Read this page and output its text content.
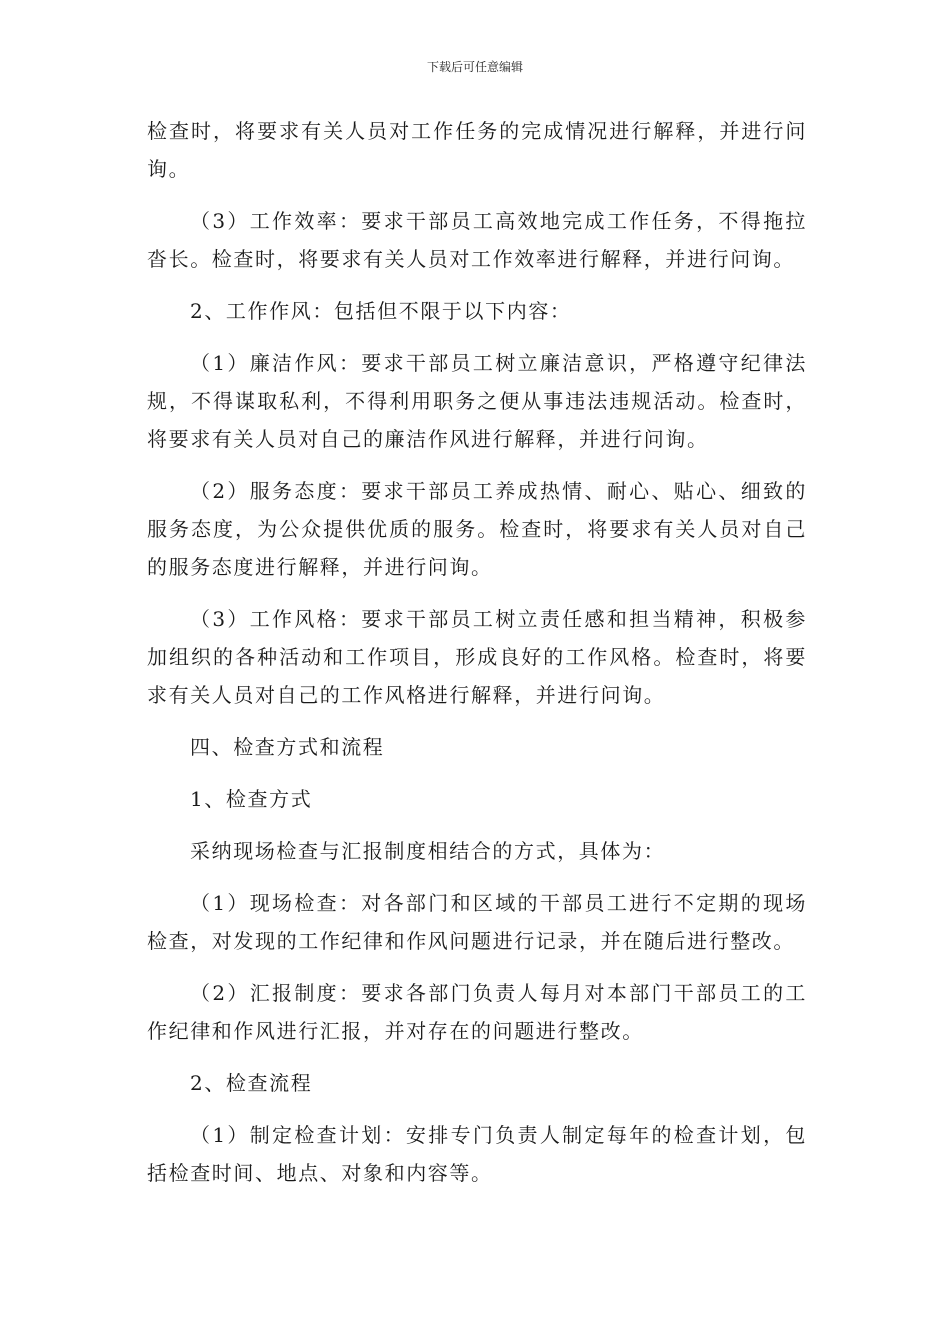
下载后可任意编辑

检查时，将要求有关人员对工作任务的完成情况进行解释，并进行问询。

（3）工作效率：要求干部员工高效地完成工作任务，不得拖拉沓长。检查时，将要求有关人员对工作效率进行解释，并进行问询。

2、工作作风：包括但不限于以下内容：

（1）廉洁作风：要求干部员工树立廉洁意识，严格遵守纪律法规，不得谋取私利，不得利用职务之便从事违法违规活动。检查时，将要求有关人员对自己的廉洁作风进行解释，并进行问询。

（2）服务态度：要求干部员工养成热情、耐心、贴心、细致的服务态度，为公众提供优质的服务。检查时，将要求有关人员对自己的服务态度进行解释，并进行问询。

（3）工作风格：要求干部员工树立责任感和担当精神，积极参加组织的各种活动和工作项目，形成良好的工作风格。检查时，将要求有关人员对自己的工作风格进行解释，并进行问询。

四、检查方式和流程

1、检查方式

采纳现场检查与汇报制度相结合的方式，具体为：

（1）现场检查：对各部门和区域的干部员工进行不定期的现场检查，对发现的工作纪律和作风问题进行记录，并在随后进行整改。

（2）汇报制度：要求各部门负责人每月对本部门干部员工的工作纪律和作风进行汇报，并对存在的问题进行整改。

2、检查流程

（1）制定检查计划：安排专门负责人制定每年的检查计划，包括检查时间、地点、对象和内容等。
